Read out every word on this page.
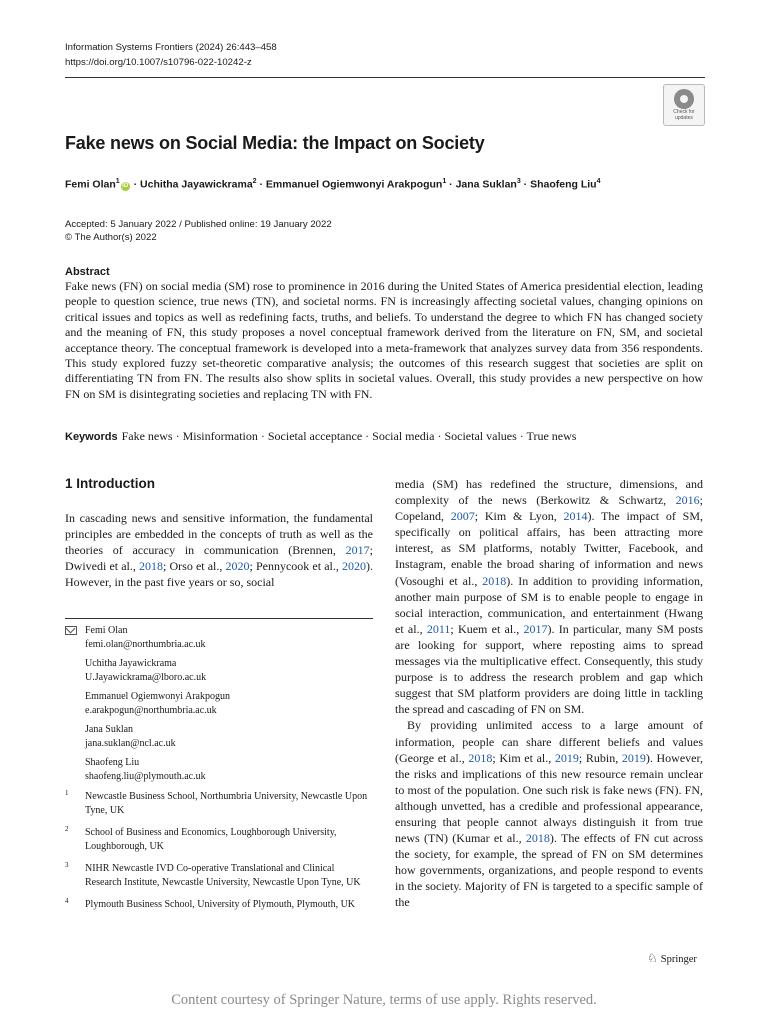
Information Systems Frontiers (2024) 26:443–458
https://doi.org/10.1007/s10796-022-10242-z
Check for
updates
Fake news on Social Media: the Impact on Society
Femi Olan$^1$iD · Uchitha Jayawickrama$^2$ · Emmanuel Ogiemwonyi Arakpogun$^1$ · Jana Suklan$^3$ · Shaofeng Liu$^4$
Accepted: 5 January 2022 / Published online: 19 January 2022
© The Author(s) 2022
Abstract
Fake news (FN) on social media (SM) rose to prominence in 2016 during the United States of America presidential election, leading people to question science, true news (TN), and societal norms. FN is increasingly affecting societal values, changing opinions on critical issues and topics as well as redefining facts, truths, and beliefs. To understand the degree to which FN has changed society and the meaning of FN, this study proposes a novel conceptual framework derived from the literature on FN, SM, and societal acceptance theory. The conceptual framework is developed into a meta-framework that analyzes survey data from 356 respondents. This study explored fuzzy set-theoretic comparative analysis; the outcomes of this research suggest that societies are split on differentiating TN from FN. The results also show splits in societal values. Overall, this study provides a new perspective on how FN on SM is disintegrating societies and replacing TN with FN.
Keywords Fake news · Misinformation · Societal acceptance · Social media · Societal values · True news
1 Introduction
In cascading news and sensitive information, the fundamental principles are embedded in the concepts of truth as well as the theories of accuracy in communication (Brennen, 2017; Dwivedi et al., 2018; Orso et al., 2020; Pennycook et al., 2020). However, in the past five years or so, social
Femi Olan
femi.olan@northumbria.ac.uk
Uchitha Jayawickrama
U.Jayawickrama@lboro.ac.uk
Emmanuel Ogiemwonyi Arakpogun
e.arakpogun@northumbria.ac.uk
Jana Suklan
jana.suklan@ncl.ac.uk
Shaofeng Liu
shaofeng.liu@plymouth.ac.uk
1 Newcastle Business School, Northumbria University, Newcastle Upon Tyne, UK
2 School of Business and Economics, Loughborough University, Loughborough, UK
3 NIHR Newcastle IVD Co-operative Translational and Clinical Research Institute, Newcastle University, Newcastle Upon Tyne, UK
4 Plymouth Business School, University of Plymouth, Plymouth, UK

media (SM) has redefined the structure, dimensions, and complexity of the news (Berkowitz & Schwartz, 2016; Copeland, 2007; Kim & Lyon, 2014). The impact of SM, specifically on political affairs, has been attracting more interest, as SM platforms, notably Twitter, Facebook, and Instagram, enable the broad sharing of information and news (Vosoughi et al., 2018). In addition to providing information, another main purpose of SM is to enable people to engage in social interaction, communication, and entertainment (Hwang et al., 2011; Kuem et al., 2017). In particular, many SM posts are looking for support, where reposting aims to spread messages via the multiplicative effect. Consequently, this study purpose is to address the research problem and gap which suggest that SM platform providers are doing little in tackling the spread and cascading of FN on SM.

By providing unlimited access to a large amount of information, people can share different beliefs and values (George et al., 2018; Kim et al., 2019; Rubin, 2019). However, the risks and implications of this new resource remain unclear to most of the population. One such risk is fake news (FN). FN, although unvetted, has a credible and professional appearance, ensuring that people cannot always distinguish it from true news (TN) (Kumar et al., 2018). The effects of FN cut across the society, for example, the spread of FN on SM determines how governments, organizations, and people respond to events in the society. Majority of FN is targeted to a specific sample of the

♘ Springer
Content courtesy of Springer Nature, terms of use apply. Rights reserved.
